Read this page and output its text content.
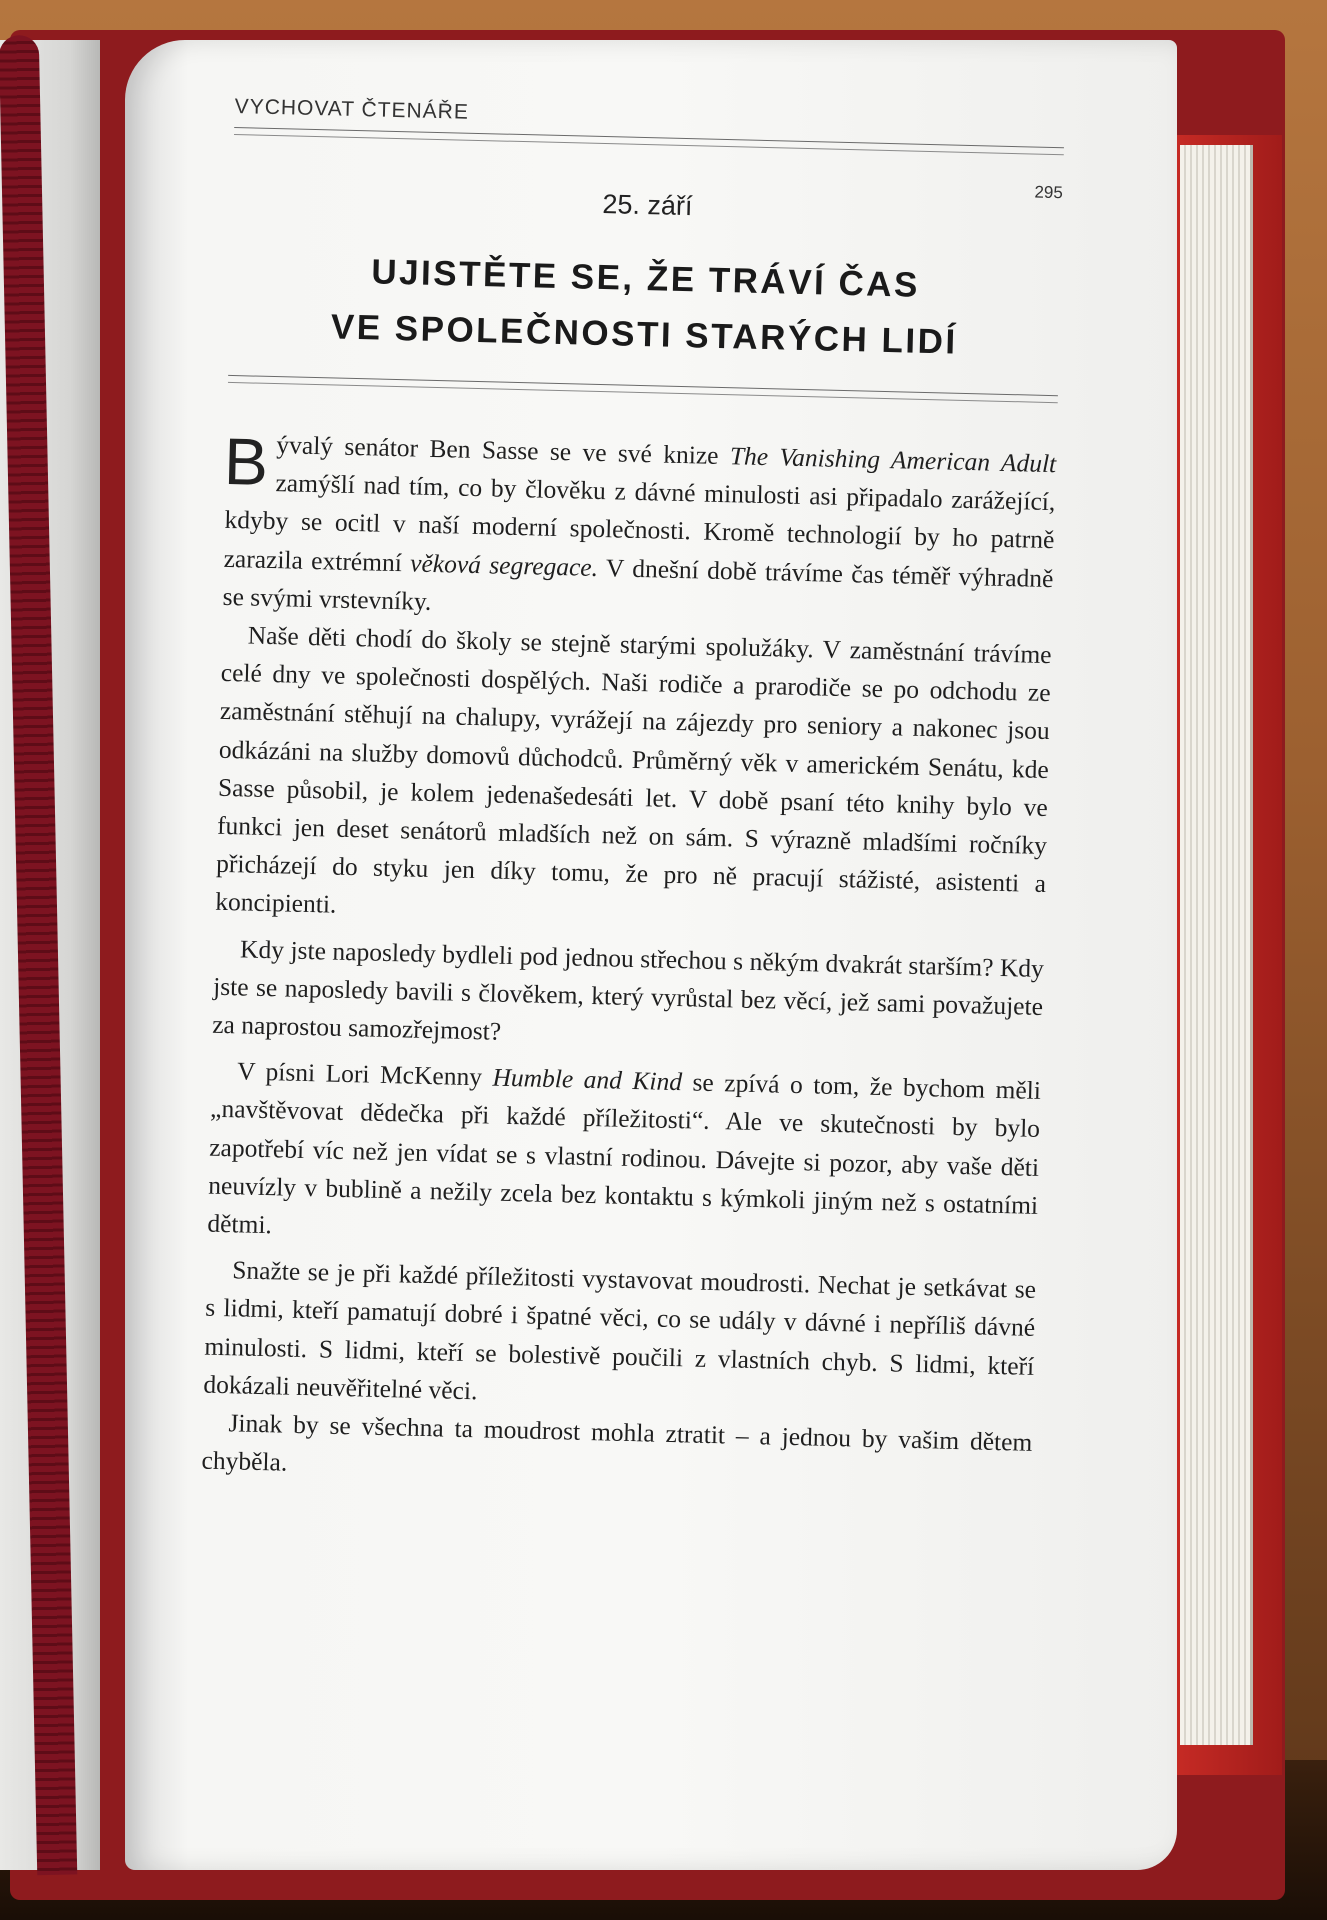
VYCHOVAT ČTENÁŘE

295

25. září

UJISTĚTE SE, ŽE TRÁVÍ ČAS
VE SPOLEČNOSTI STARÝCH LIDÍ

Bývalý senátor Ben Sasse se ve své knize The Vanishing American Adult zamýšlí nad tím, co by člověku z dávné minulosti asi připadalo zarážející, kdyby se ocitl v naší moderní společnosti. Kromě technologií by ho patrně zarazila extrémní věková segregace. V dnešní době trávíme čas téměř výhradně se svými vrstevníky.

Naše děti chodí do školy se stejně starými spolužáky. V zaměstnání trávíme celé dny ve společnosti dospělých. Naši rodiče a prarodiče se po odchodu ze zaměstnání stěhují na chalupy, vyrážejí na zájezdy pro seniory a nakonec jsou odkázáni na služby domovů důchodců. Průměrný věk v americkém Senátu, kde Sasse působil, je kolem jedenašedesáti let. V době psaní této knihy bylo ve funkci jen deset senátorů mladších než on sám. S výrazně mladšími ročníky přicházejí do styku jen díky tomu, že pro ně pracují stážisté, asistenti a koncipienti.

Kdy jste naposledy bydleli pod jednou střechou s někým dvakrát starším? Kdy jste se naposledy bavili s člověkem, který vyrůstal bez věcí, jež sami považujete za naprostou samozřejmost?

V písni Lori McKenny Humble and Kind se zpívá o tom, že bychom měli „navštěvovat dědečka při každé příležitosti“. Ale ve skutečnosti by bylo zapotřebí víc než jen vídat se s vlastní rodinou. Dávejte si pozor, aby vaše děti neuvízly v bublině a nežily zcela bez kontaktu s kýmkoli jiným než s ostatními dětmi.

Snažte se je při každé příležitosti vystavovat moudrosti. Nechat je setkávat se s lidmi, kteří pamatují dobré i špatné věci, co se udály v dávné i nepříliš dávné minulosti. S lidmi, kteří se bolestivě poučili z vlastních chyb. S lidmi, kteří dokázali neuvěřitelné věci.

Jinak by se všechna ta moudrost mohla ztratit – a jednou by vašim dětem chyběla.
